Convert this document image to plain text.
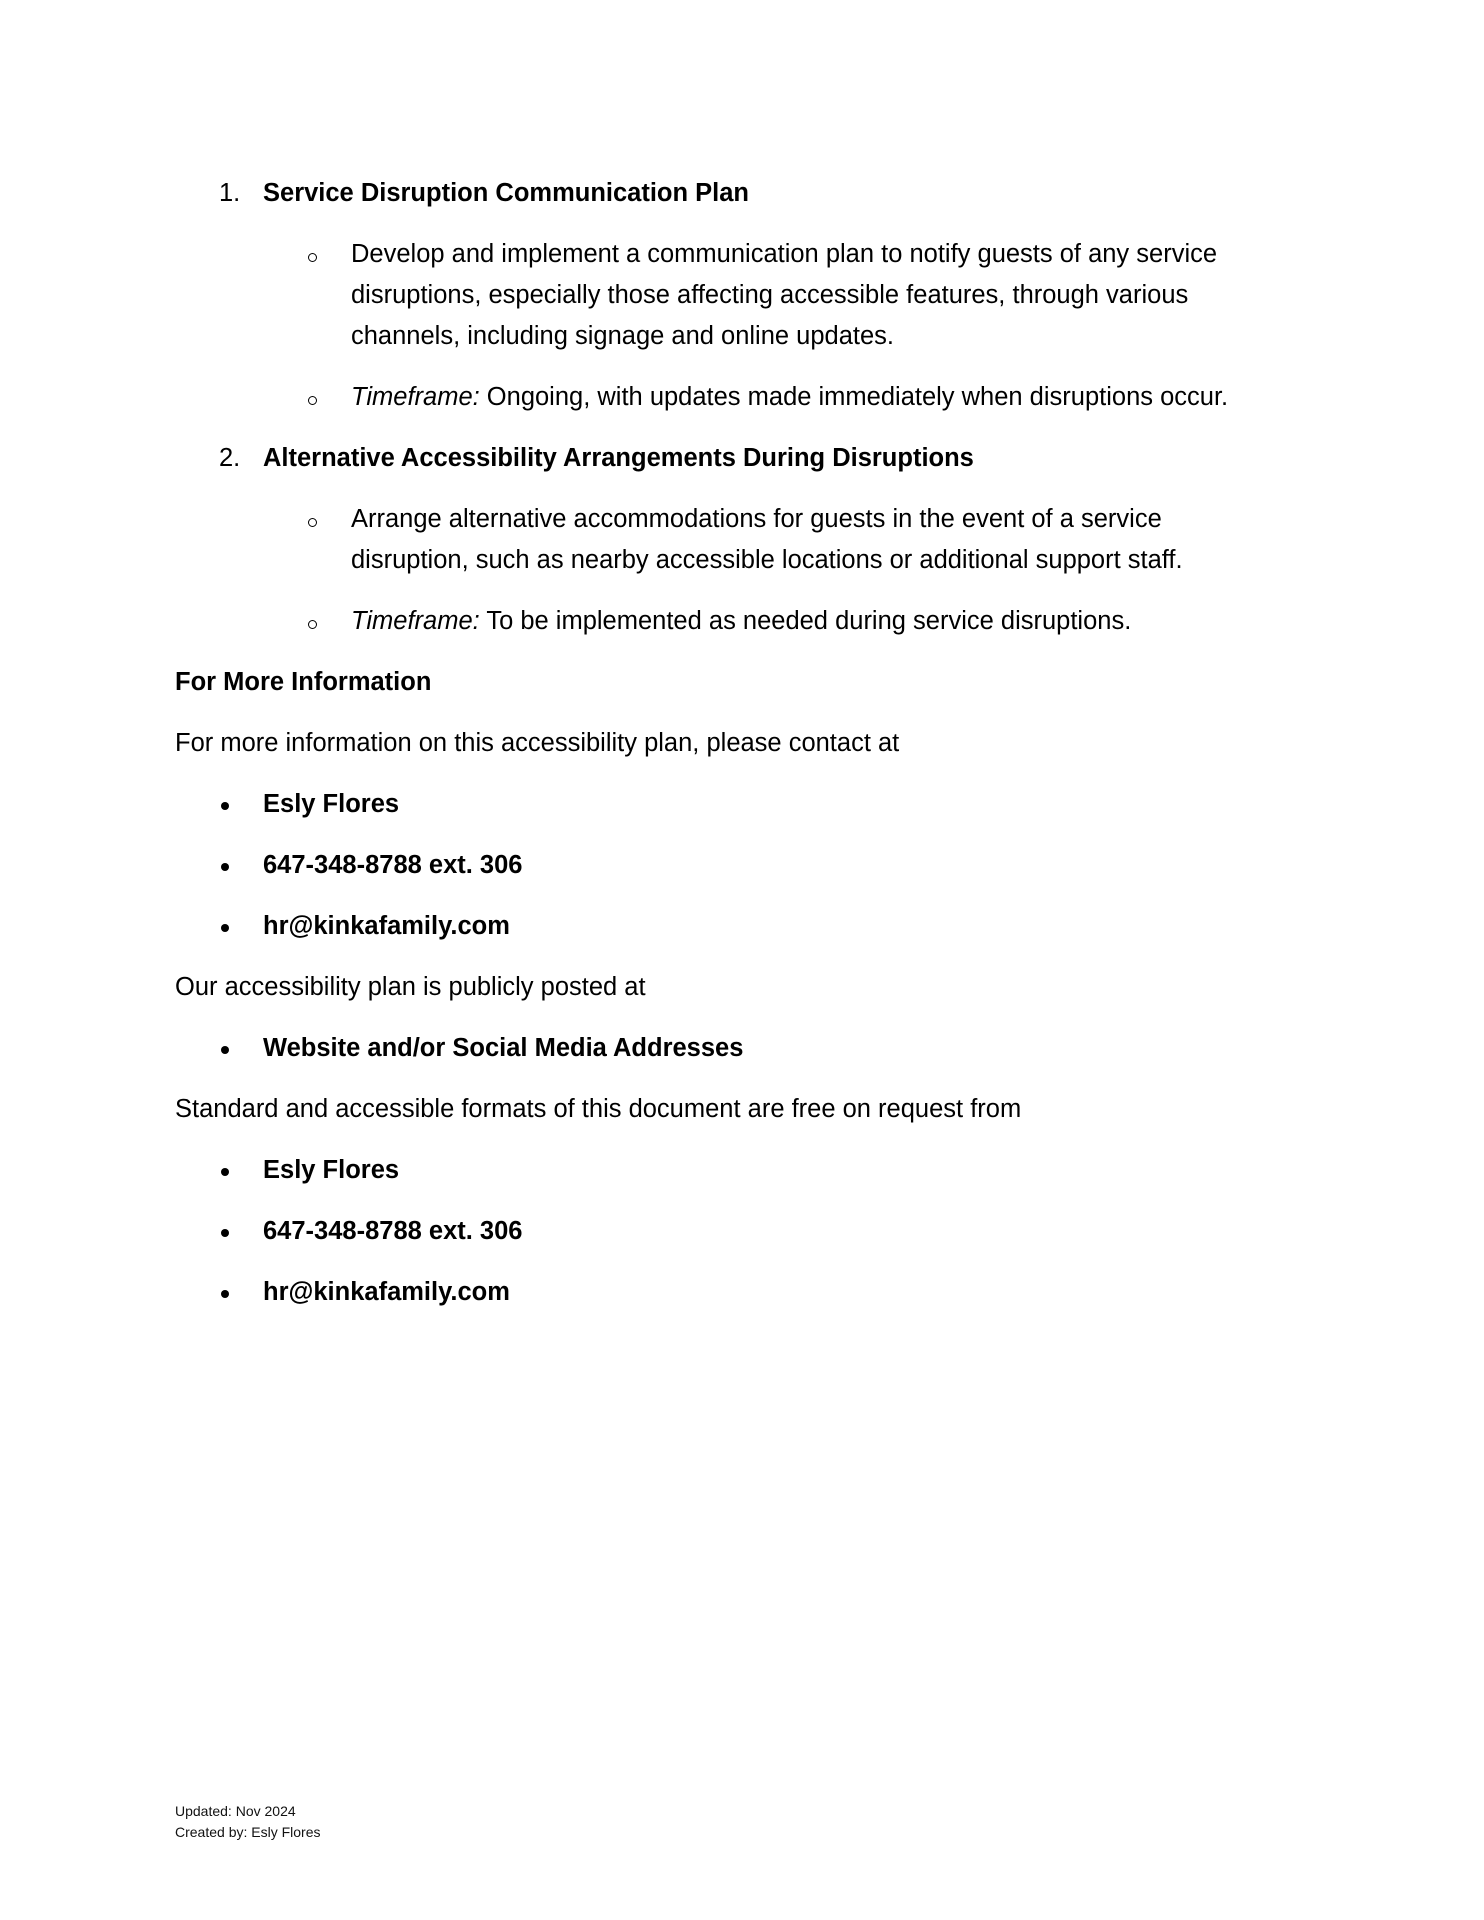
1. Service Disruption Communication Plan
Develop and implement a communication plan to notify guests of any service
disruptions, especially those affecting accessible features, through various
channels, including signage and online updates.
Timeframe: Ongoing, with updates made immediately when disruptions occur.
2. Alternative Accessibility Arrangements During Disruptions
Arrange alternative accommodations for guests in the event of a service
disruption, such as nearby accessible locations or additional support staff.
Timeframe: To be implemented as needed during service disruptions.
For More Information
For more information on this accessibility plan, please contact at
Esly Flores
647-348-8788 ext. 306
hr@kinkafamily.com
Our accessibility plan is publicly posted at
Website and/or Social Media Addresses
Standard and accessible formats of this document are free on request from
Esly Flores
647-348-8788 ext. 306
hr@kinkafamily.com
Updated: Nov 2024
Created by: Esly Flores
